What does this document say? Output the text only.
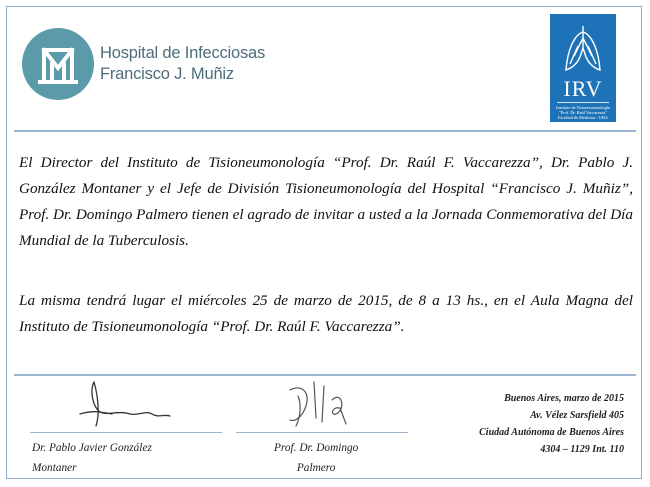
Hospital de Infecciosas
Francisco J. Muñiz
IRV
Instituto de Tisioneumonología
"Prof. Dr. Raúl Vaccarezza"
Facultad de Medicina - UBA
El Director del Instituto de Tisioneumonología “Prof. Dr. Raúl F. Vaccarezza”, Dr. Pablo J. González Montaner y el Jefe de División Tisioneumonología del Hospital “Francisco J. Muñiz”, Prof. Dr. Domingo Palmero tienen el agrado de invitar a usted a la Jornada Conmemorativa del Día Mundial de la Tuberculosis.
La misma tendrá lugar el miércoles 25 de marzo de 2015, de 8 a 13 hs., en el Aula Magna del Instituto de Tisioneumonología “Prof. Dr. Raúl F. Vaccarezza”.
Dr. Pablo Javier González
Montaner
Prof. Dr. Domingo
Palmero
Buenos Aires, marzo de 2015
Av. Vélez Sarsfield 405
Ciudad Autónoma de Buenos Aires
4304 – 1129 Int. 110
